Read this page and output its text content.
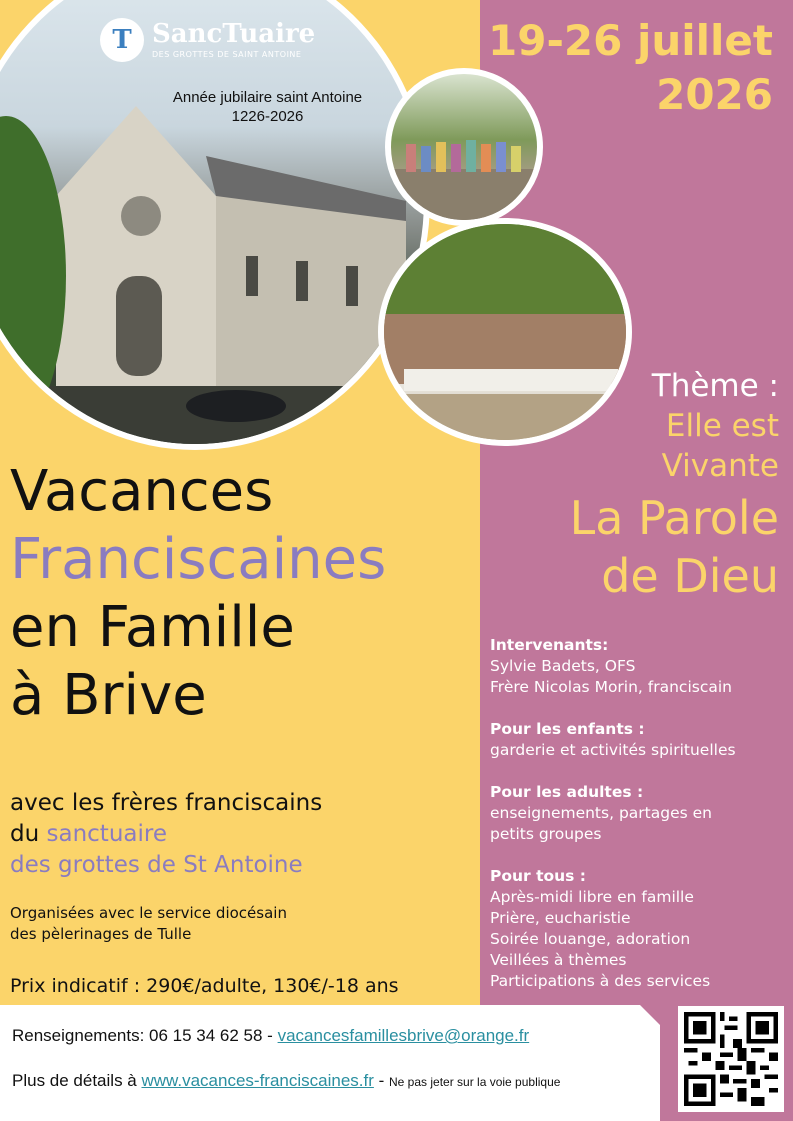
T SancTuaire
DES GROTTES DE SAINT ANTOINE
Année jubilaire saint Antoine
1226-2026
19-26 juillet
2026
Thème :
Elle est
Vivante
La Parole
de Dieu
Vacances
Franciscaines
en Famille
à Brive
avec les frères franciscains
du sanctuaire
des grottes de St Antoine
Organisées avec le service diocésain
des pèlerinages de Tulle
Prix indicatif : 290€/adulte, 130€/-18 ans
Intervenants:
Sylvie Badets, OFS
Frère Nicolas Morin, franciscain
Pour les enfants :
garderie et activités spirituelles
Pour les adultes :
enseignements, partages en
petits groupes
Pour tous :
Après-midi libre en famille
Prière, eucharistie
Soirée louange, adoration
Veillées à thèmes
Participations à des services
Renseignements: 06 15 34 62 58 - vacancesfamillesbrive@orange.fr
Plus de détails à www.vacances-franciscaines.fr - Ne pas jeter sur la voie publique
